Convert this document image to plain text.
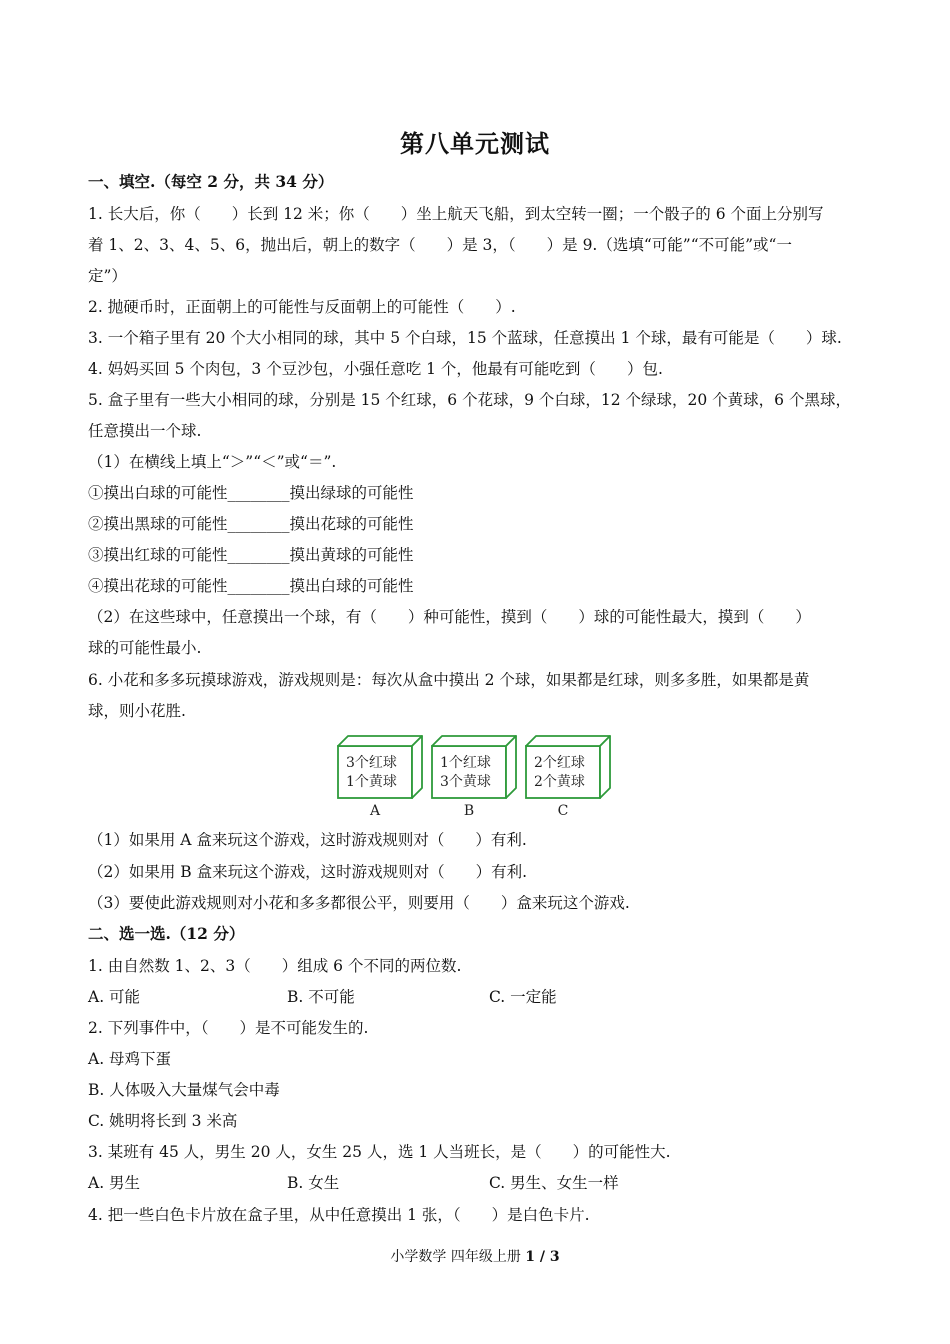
第八单元测试
一、填空.（每空 2 分，共 34 分）
1. 长大后，你（　　）长到 12 米；你（　　）坐上航天飞船，到太空转一圈；一个骰子的 6 个面上分别写
着 1、2、3、4、5、6，抛出后，朝上的数字（　　）是 3，（　　）是 9.（选填“可能”“不可能”或“一
定”）
2. 抛硬币时，正面朝上的可能性与反面朝上的可能性（　　）.
3. 一个箱子里有 20 个大小相同的球，其中 5 个白球，15 个蓝球，任意摸出 1 个球，最有可能是（　　）球.
4. 妈妈买回 5 个肉包，3 个豆沙包，小强任意吃 1 个，他最有可能吃到（　　）包.
5. 盒子里有一些大小相同的球，分别是 15 个红球，6 个花球，9 个白球，12 个绿球，20 个黄球，6 个黑球，
任意摸出一个球.
（1）在横线上填上“＞”“＜”或“＝”.
①摸出白球的可能性________摸出绿球的可能性
②摸出黑球的可能性________摸出花球的可能性
③摸出红球的可能性________摸出黄球的可能性
④摸出花球的可能性________摸出白球的可能性
（2）在这些球中，任意摸出一个球，有（　　）种可能性，摸到（　　）球的可能性最大，摸到（　　）
球的可能性最小.
6. 小花和多多玩摸球游戏，游戏规则是：每次从盒中摸出 2 个球，如果都是红球，则多多胜，如果都是黄
球，则小花胜.
3个红球
1个黄球
A
1个红球
3个黄球
B
2个红球
2个黄球
C
（1）如果用 A 盒来玩这个游戏，这时游戏规则对（　　）有利.
（2）如果用 B 盒来玩这个游戏，这时游戏规则对（　　）有利.
（3）要使此游戏规则对小花和多多都很公平，则要用（　　）盒来玩这个游戏.
二、选一选.（12 分）
1. 由自然数 1、2、3（　　）组成 6 个不同的两位数.
A. 可能	B. 不可能	C. 一定能
2. 下列事件中，（　　）是不可能发生的.
A. 母鸡下蛋
B. 人体吸入大量煤气会中毒
C. 姚明将长到 3 米高
3. 某班有 45 人，男生 20 人，女生 25 人，选 1 人当班长，是（　　）的可能性大.
A. 男生	B. 女生	C. 男生、女生一样
4. 把一些白色卡片放在盒子里，从中任意摸出 1 张，（　　）是白色卡片.
小学数学 四年级上册 1 / 3
